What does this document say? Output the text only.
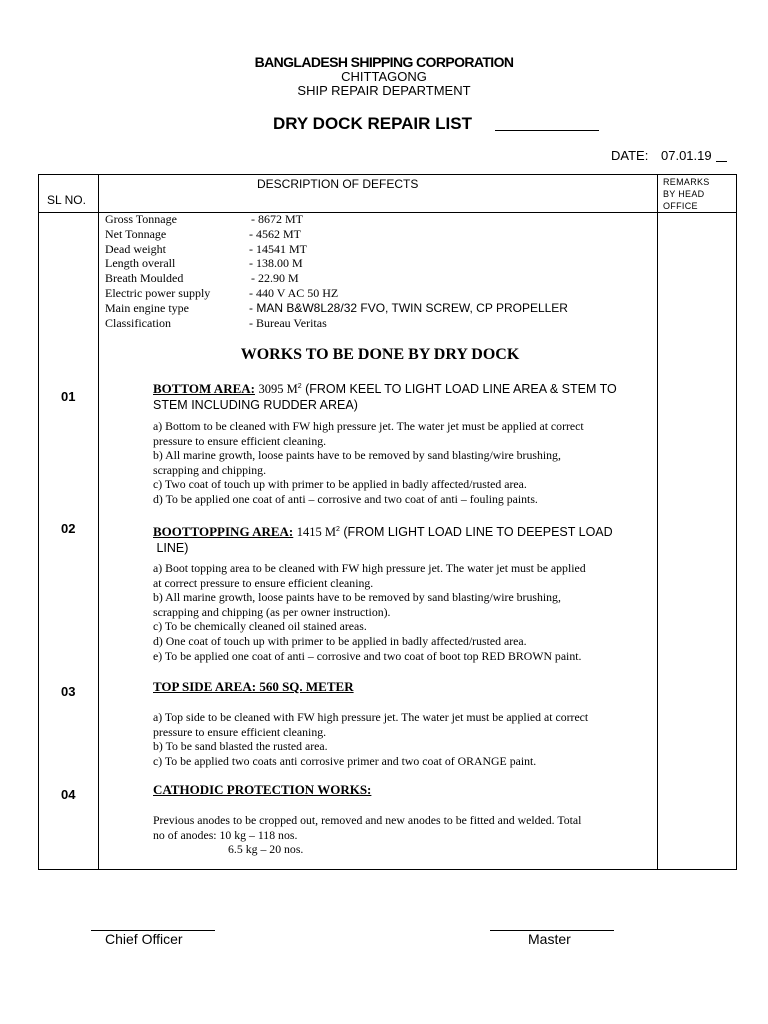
BANGLADESH SHIPPING CORPORATION
CHITTAGONG
SHIP REPAIR DEPARTMENT
DRY DOCK REPAIR LIST
DATE: 07.01.19
SL NO.
DESCRIPTION OF DEFECTS	REMARKS BY HEAD OFFICE
Gross Tonnage	- 8672 MT
Net Tonnage	- 4562 MT
Dead weight	- 14541 MT
Length overall	- 138.00 M
Breath Moulded	- 22.90 M
Electric power supply	- 440 V AC 50 HZ
Main engine type	- MAN B&W8L28/32 FVO, TWIN SCREW, CP PROPELLER
Classification	- Bureau Veritas
WORKS TO BE DONE BY DRY DOCK
01
BOTTOM AREA: 3095 $M^2$ (FROM KEEL TO LIGHT LOAD LINE AREA & STEM TO
STEM INCLUDING RUDDER AREA)
a) Bottom to be cleaned with FW high pressure jet. The water jet must be applied at correct
pressure to ensure efficient cleaning.
b) All marine growth, loose paints have to be removed by sand blasting/wire brushing,
scrapping and chipping.
c) Two coat of touch up with primer to be applied in badly affected/rusted area.
d) To be applied one coat of anti – corrosive and two coat of anti – fouling paints.
02	BOOTTOPPING AREA: 1415 $M^2$ (FROM LIGHT LOAD LINE TO DEEPEST LOAD
LINE)
a) Boot topping area to be cleaned with FW high pressure jet. The water jet must be applied
at correct pressure to ensure efficient cleaning.
b) All marine growth, loose paints have to be removed by sand blasting/wire brushing,
scrapping and chipping (as per owner instruction).
c) To be chemically cleaned oil stained areas.
d) One coat of touch up with primer to be applied in badly affected/rusted area.
e) To be applied one coat of anti – corrosive and two coat of boot top RED BROWN paint.
03	TOP SIDE AREA: 560 SQ. METER
a) Top side to be cleaned with FW high pressure jet. The water jet must be applied at correct
pressure to ensure efficient cleaning.
b) To be sand blasted the rusted area.
c) To be applied two coats anti corrosive primer and two coat of ORANGE paint.
04	CATHODIC PROTECTION WORKS:
Previous anodes to be cropped out, removed and new anodes to be fitted and welded. Total
no of anodes: 10 kg – 118 nos.
6.5 kg – 20 nos.
Chief Officer	Master
